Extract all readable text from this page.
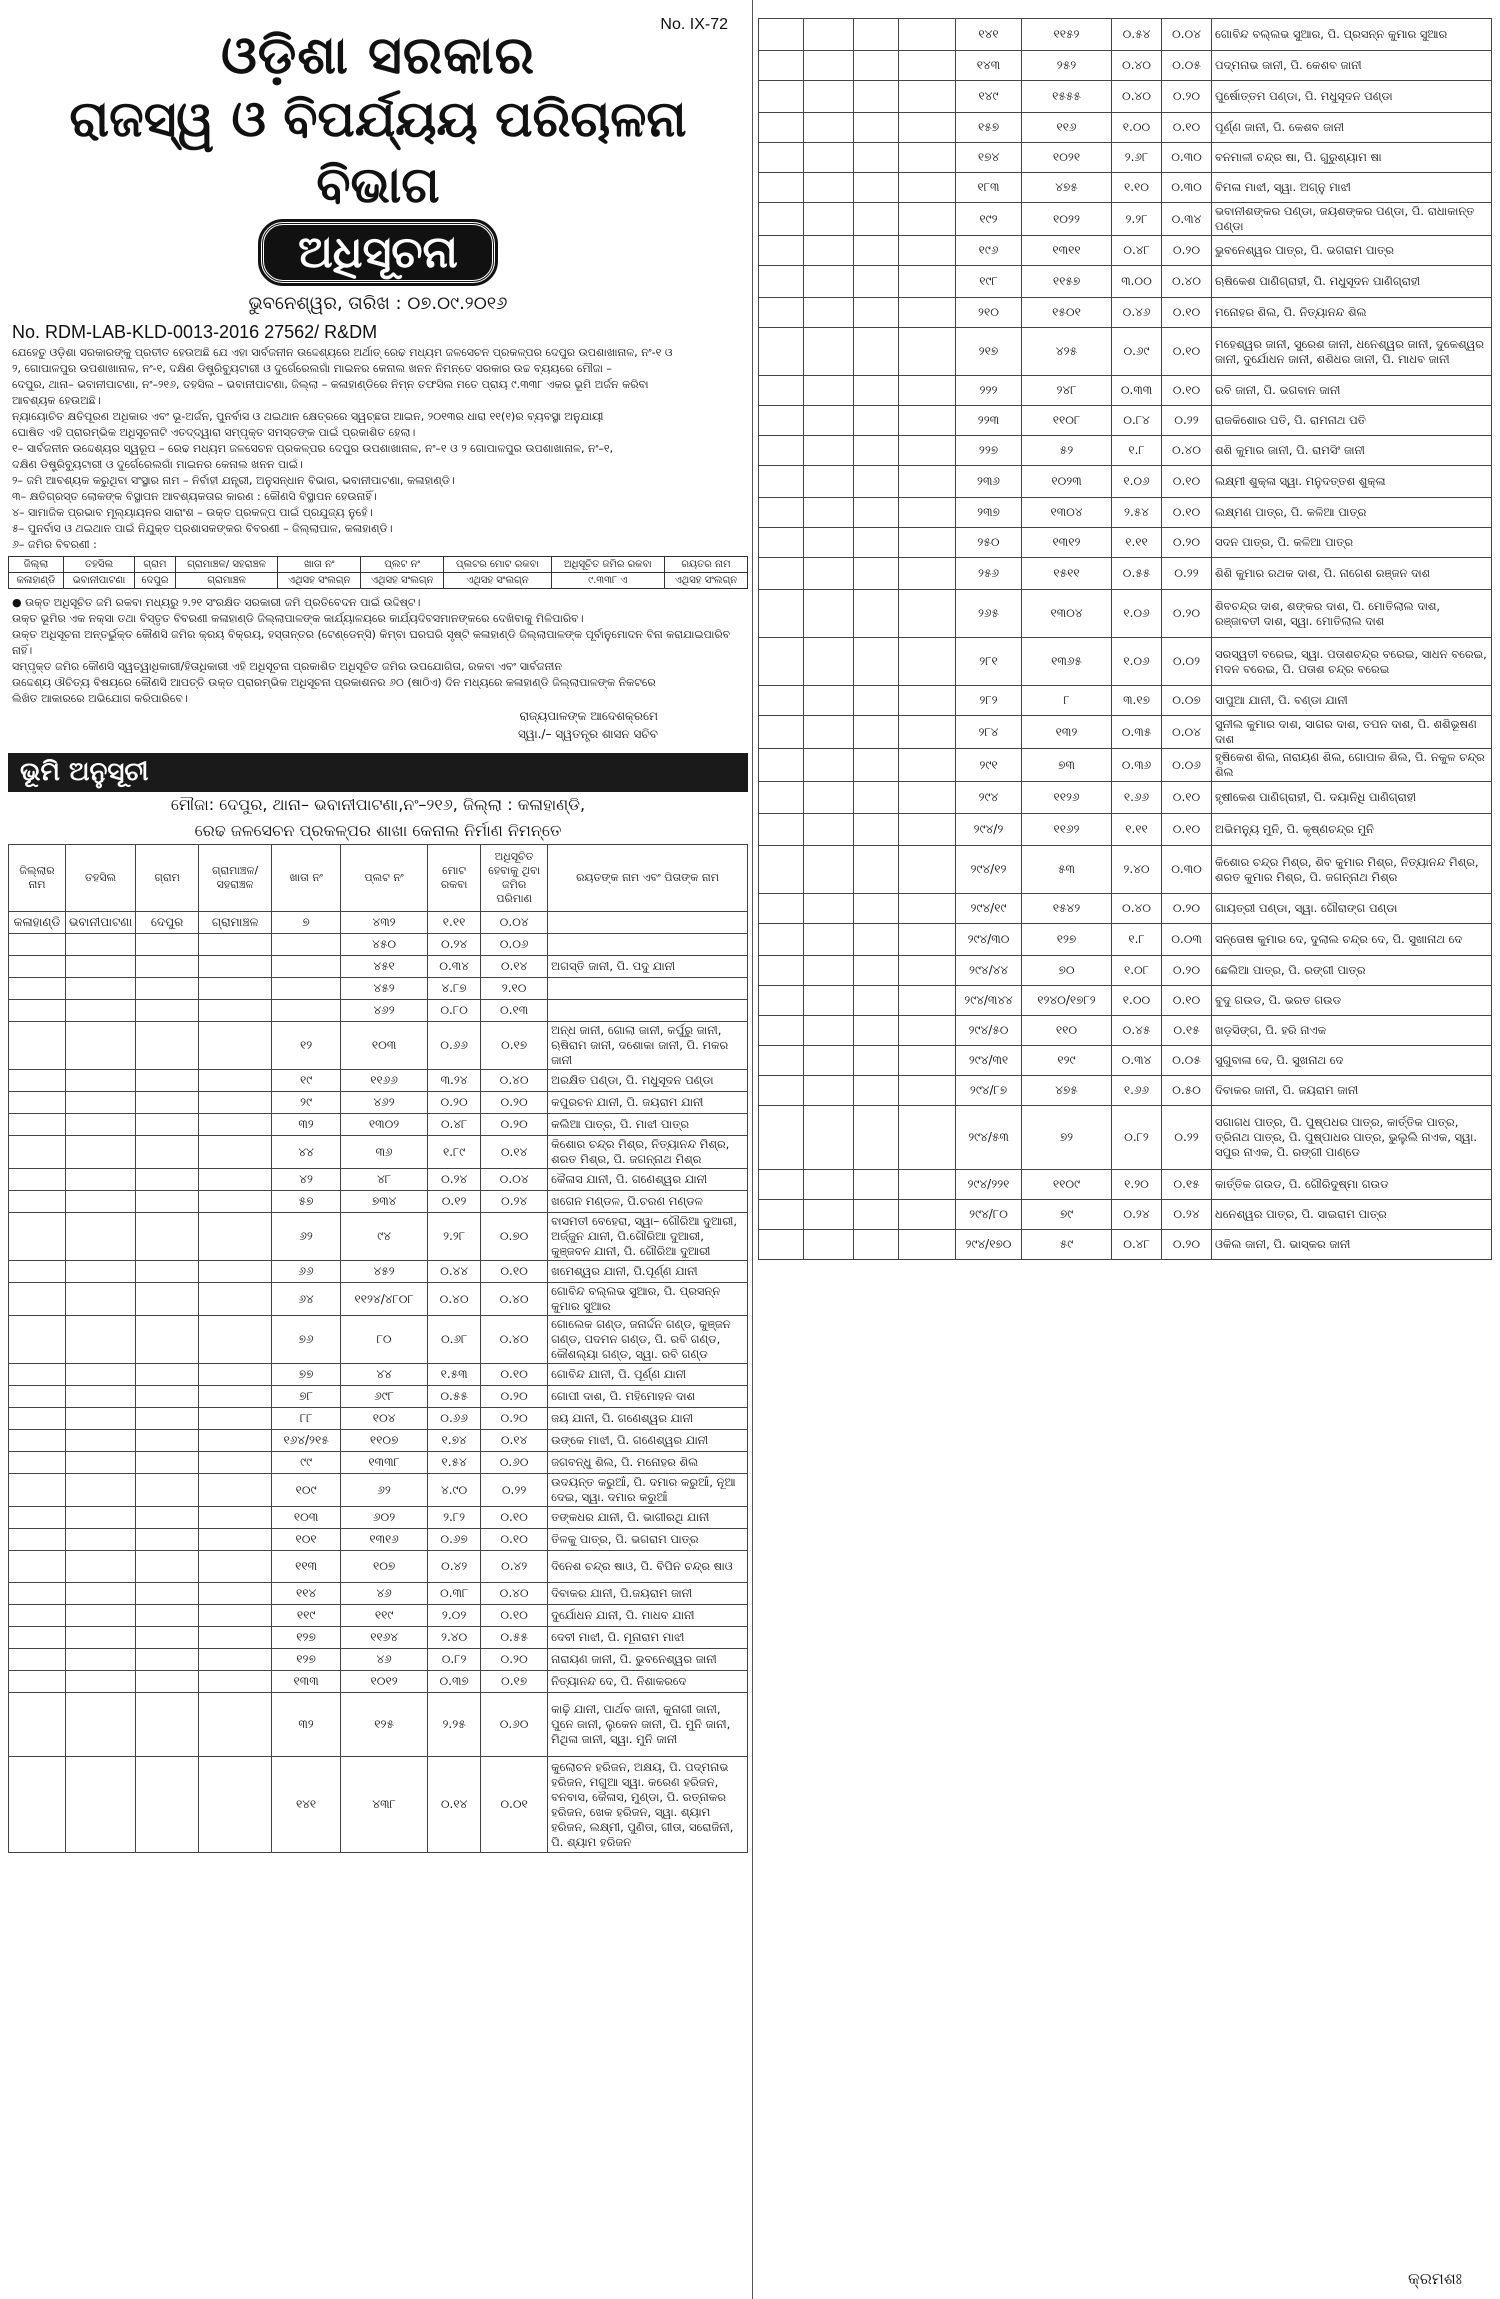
No. IX-72
ଓଡ଼ିଶା ସରକାର
ରାଜସ୍ୱ ଓ ବିପର୍ଯ୍ୟୟ ପରିଚାଳନା ବିଭାଗ
ଅଧିସୂଚନା
ଭୁବନେଶ୍ୱର, ତାରିଖ : ୦୭.୦୯.୨୦୧୬
No. RDM-LAB-KLD-0013-2016 27562/ R&DM
ଯେହେତୁ ଓଡ଼ିଶା ସରକାରଙ୍କୁ ପ୍ରତୀତ ହେଉଅଛି ଯେ ଏହା ସାର୍ବଜନୀନ ଉଦ୍ଦେଶ୍ୟରେ ଅର୍ଥାତ୍ ରେଢ ମଧ୍ୟମ ଜଳସେଚନ ପ୍ରକଳ୍ପର ଦେପୁର ଉପଶାଖାନାଳ, ନଂ-୧ ଓ
୨, ଗୋପାଳପୁର ଉପଶାଖାନାଳ, ନଂ-୧, ଦକ୍ଷିଣ ଡିଷ୍ଟ୍ରିବ୍ୟୁଟାରୀ ଓ ଦୁର୍ଗେରେଲଗାଁ ମାଇନର କେନାଲ ଖନନ ନିମନ୍ତେ ସରକାର ଉଚ୍ଚ ବ୍ୟୟରେ ମୌଜା –
ଦେପୁର, ଥାନା– ଭବାନୀପାଟଣା, ନଂ–୨୧୬, ତହସିଲ – ଭବାନୀପାଟଣା, ଜିଲ୍ଲା – କଳାହାଣ୍ଡିରେ ନିମ୍ନ ତଫସିଲ ମତେ ପ୍ରାୟ ୯.୩୩୮ ଏକର ଭୂମି ଅର୍ଜନ କରିବା
ଆବଶ୍ୟକ ହେଉଅଛି।
ନ୍ୟାୟୋଚିତ କ୍ଷତିପୂରଣ ଅଧିକାର ଏବଂ ଭୂ-ଅର୍ଜନ, ପୁନର୍ବାସ ଓ ଥଇଥାନ କ୍ଷେତ୍ରରେ ସ୍ୱଚ୍ଛତା ଆଇନ, ୨୦୧୩ର ଧାରା ୧୧(୧)ର ବ୍ୟବସ୍ଥା ଅନୁଯାୟୀ
ଘୋଷିତ ଏହି ପ୍ରାରମ୍ଭିକ ଅଧିସୂଚନାଟି ଏତଦ୍‌ଦ୍ୱାରା ସମ୍ପୃକ୍ତ ସମସ୍ତଙ୍କ ପାଇଁ ପ୍ରକାଶିତ ହେଲା।
୧– ସାର୍ବଜନୀନ ଉଦ୍ଦେଶ୍ୟର ସ୍ୱରୂପ – ରେଢ ମଧ୍ୟମ ଜଳସେଚନ ପ୍ରକଳ୍ପର ଦେପୁର ଉପଶାଖାନାଳ, ନଂ–୧ ଓ ୨ ଗୋପାଳପୁର ଉପଶାଖାନାଳ, ନଂ–୧,
ଦକ୍ଷିଣ ଡିଷ୍ଟ୍ରିବ୍ୟୁଟାରୀ ଓ ଦୁର୍ଗେରେଲଗାଁ ମାଇନର କେନାଲ ଖନନ ପାଇଁ।
୨– ଜମି ଆବଶ୍ୟକ କରୁଥିବା ସଂସ୍ଥାର ନାମ – ନିର୍ବାହୀ ଯନ୍ତ୍ରୀ, ଅନୁସନ୍ଧାନ ବିଭାଗ, ଭବାନୀପାଟଣା, କଳାହାଣ୍ଡି।
୩– କ୍ଷତିଗ୍ରସ୍ତ ଲୋକଙ୍କ ବିସ୍ଥାପନ ଆବଶ୍ୟକତାର କାରଣ : କୌଣସି ବିସ୍ଥାପନ ହେଉନାହିଁ।
୪– ସାମାଜିକ ପ୍ରଭାବ ମୂଲ୍ୟାୟନର ସାରାଂଶ – ଉକ୍ତ ପ୍ରକଳ୍ପ ପାଇଁ ପ୍ରଯୁଜ୍ୟ ନୁହେଁ।
୫– ପୁନର୍ବାସ ଓ ଥଇଥାନ ପାଇଁ ନିଯୁକ୍ତ ପ୍ରଶାସକଙ୍କର ବିବରଣୀ – ଜିଲ୍ଲାପାଳ, କଳାହାଣ୍ଡି।
୬– ଜମିର ବିବରଣୀ :
ଜିଲ୍ଲା	ତହସିଲ	ଗ୍ରାମ	ଗ୍ରାମାଞ୍ଚଳ/ ସହରାଞ୍ଚଳ	ଖାତା ନଂ	ପ୍ଲଟ ନଂ	ପ୍ଲଟର ମୋଟ ରକବା	ଅଧିସୂଚିତ ଜମିର ରକବା	ରୟତର ନାମ
କଳାହାଣ୍ଡି	ଭବାନୀପାଟଣା	ଦେପୁର	ଗ୍ରାମାଞ୍ଚଳ	ଏଥିସହ ସଂଲଗ୍ନ	ଏଥିସହ ସଂଲଗ୍ନ	ଏଥିସହ ସଂଲଗ୍ନ	୯.୩୩୮ ଏ	ଏଥିସହ ସଂଲଗ୍ନ
● ଉକ୍ତ ଅଧିସୂଚିତ ଜମି ରକବା ମଧ୍ୟରୁ ୨.୨୧ ସଂରକ୍ଷିତ ସରକାରୀ ଜମି ପ୍ରତିବେଦନ ପାଇଁ ଉଦ୍ଦିଷ୍ଟ।
ଉକ୍ତ ଭୂମିର ଏକ ନକ୍ସା ତଥା ବିସ୍ତୃତ ବିବରଣୀ କଳାହାଣ୍ଡି ଜିଲ୍ଲାପାଳଙ୍କ କାର୍ଯ୍ୟାଳୟରେ କାର୍ଯ୍ୟଦିବସମାନଙ୍କରେ ଦେଖିବାକୁ ମିଳିପାରିବ।
ଉକ୍ତ ଅଧିସୂଚନା ଅନ୍ତର୍ଭୁକ୍ତ କୌଣସି ଜମିର କ୍ରୟ ବିକ୍ରୟ, ହସ୍ତାନ୍ତର (ଟେଣ୍ଡେନ୍‌ସି) କିମ୍ବା ଘରଘରି ସୃଷ୍ଟି କଳାହାଣ୍ଡି ଜିଲ୍ଲାପାଳଙ୍କ ପୂର୍ବାନୁମୋଦନ ବିନା କରାଯାଇପାରିବ
ନାହିଁ।
ସମ୍ପୃକ୍ତ ଜମିର କୌଣସି ସ୍ୱତ୍ୱାଧିକାରୀ/ହିତାଧିକାରୀ ଏହି ଅଧିସୂଚନା ପ୍ରକାଶିତ ଅଧିସୂଚିତ ଜମିର ଉପଯୋଗିତା, ରକବା ଏବଂ ସାର୍ବଜନୀନ
ଉଦ୍ଦେଶ୍ୟ ଔଚିତ୍ୟ ବିଷୟରେ କୌଣସି ଆପତ୍ତି ଉକ୍ତ ପ୍ରାରମ୍ଭିକ ଅଧିସୂଚନା ପ୍ରକାଶନର ୬୦ (ଷାଠିଏ) ଦିନ ମଧ୍ୟରେ କଳାହାଣ୍ଡି ଜିଲ୍ଲାପାଳଙ୍କ ନିକଟରେ
ଲିଖିତ ଆକାରରେ ଅଭିଯୋଗ କରିପାରିବେ।
ରାଜ୍ୟପାଳଙ୍କ ଆଦେଶକ୍ରମେ
ସ୍ୱା./– ସ୍ୱତନ୍ତ୍ର ଶାସନ ସଚିବ
ଭୂମି ଅନୁସୂଚୀ
ମୌଜା: ଦେପୁର, ଥାନା– ଭବାନୀପାଟଣା,ନଂ–୨୧୬, ଜିଲ୍ଲା : କଳାହାଣ୍ଡି,
ରେଢ ଜଳସେଚନ ପ୍ରକଳ୍ପର ଶାଖା କେନାଲ ନିର୍ମାଣ ନିମନ୍ତେ
ଜିଲ୍ଲାର ନାମ	ତହସିଲ	ଗ୍ରାମ	ଗ୍ରାମାଞ୍ଚଳ/ ସହରାଞ୍ଚଳ	ଖାତା ନଂ	ପ୍ଲଟ ନଂ	ମୋଟ ରକବା	ଅଧିସୂଚିତ ହେବାକୁ ଥିବା ଜମିର ପରିମାଣ	ରୟତଙ୍କ ନାମ ଏବଂ ପିତାଙ୍କ ନାମ
କଳାହାଣ୍ଡି	ଭବାନୀପାଟଣା	ଦେପୁର	ଗ୍ରାମାଞ୍ଚଳ	୭	୪୩୨	୧.୧୧	୦.୦୪	
					୪୫୦	୦.୨୪	୦.୦୬	
					୪୫୧	୦.୩୪	୦.୧୪	ଅଗସ୍ତି ଜାନୀ, ପି. ପଦୁ ଯାନୀ
					୪୫୨	୪.୮୭	୨.୧୦	
					୪୬୨	୦.୮୦	୦.୧୩	
				୧୨	୧୦୩	୦.୬୬	୦.୧୭	ଅନ୍ଧ ଜାନୀ, ଗୋଲା ଜାନୀ, କର୍ପୁରୁ ଜାନୀ, ଋଷିରାମ ଜାନୀ, ଦଶୋକା ଜାନୀ, ପି. ମକର ଜାନୀ
				୧୯	୧୧୬୬	୩.୨୪	୦.୪୦	ଅରକ୍ଷିତ ପଣ୍ଡା, ପି. ମଧୁସୂଦନ ପଣ୍ଡା
				୨୯	୪୬୨	୦.୨୦	୦.୨୦	କପୁରଚନ ଯାନୀ, ପି. ଜୟରାମ ଯାନୀ
				୩୨	୧୩୦୨	୦.୪୮	୦.୨୦	କଲିଆ ପାତ୍ର, ପି. ମାଝୀ ପାତ୍ର
				୪୪	୩୬	୧.୮୯	୦.୧୪	କିଶୋର ଚନ୍ଦ୍ର ମିଶ୍ର, ନିତ୍ୟାନନ୍ଦ ମିଶ୍ର, ଶରତ ମିଶ୍ର, ପି. ଜଗନ୍ନାଥ ମିଶ୍ର
				୪୨	୪୮	୦.୨୪	୦.୦୪	କୈଳାସ ଯାନୀ, ପି. ଗଣେଶ୍ୱର ଯାନୀ
				୫୭	୭୩୪	୦.୧୨	୦.୨୪	ଖଗେନ ମଣ୍ଡଳ, ପି.ଚରଣ ମଣ୍ଡଳ
				୬୨	୯୪	୨.୨୮	୦.୭୦	ବାସମତୀ ବେହେରା, ସ୍ୱା– ଗୌରିଆ ଦୁଆରୀ, ଅର୍ଜ୍ଜୁନ ଯାନୀ, ପି.ଗୌରିଆ ଦୁଆରୀ, କୁଞ୍ଜବନ ଯାନୀ, ପି. ଗୌରିଆ ଦୁଆରୀ
				୬୬	୪୫୨	୦.୪୪	୦.୧୦	ଖମେଶ୍ୱର ଯାନୀ, ପି.ପୂର୍ଣ୍ଣ ଯାନୀ
				୬୪	୧୧୨୪/୪୮୦୮	୦.୪୦	୦.୪୦	ଗୋବିନ୍ଦ ବଲ୍ଲଭ ସୁଆର, ପି. ପ୍ରସନ୍ନ କୁମାର ସୁଆର
				୭୬	୮୦	୦.୬୮	୦.୪୦	ଗୋଲେକ ଗଣ୍ଡ, ଜନାର୍ଦ୍ଦନ ଗଣ୍ଡ, କୁଞ୍ଜନ ଗଣ୍ଡ, ପଦମନ ଗଣ୍ଡ, ପି. ରବି ଗଣ୍ଡ, କୌଶଲ୍ୟା ଗଣ୍ଡ, ସ୍ୱା. ରବି ଗଣ୍ଡ
				୭୭	୪୪	୧.୫୩	୦.୧୦	ଗୋବିନ୍ଦ ଯାନୀ, ପି. ପୂର୍ଣ୍ଣ ଯାନୀ
				୭୮	୬୯୮	୦.୫୫	୦.୨୦	ଗୋପୀ ଦାଶ, ପି. ମହିମୋହନ ଦାଶ
				୮୮	୧୦୪	୦.୬୬	୦.୨୦	ଜୟ ଯାନୀ, ପି. ଗଣେଶ୍ୱର ଯାନୀ
				୧୬୪/୨୧୫	୧୧୦୭	୧.୭୪	୦.୧୪	ଉଙ୍କେ ମାଝୀ, ପି. ଗଣେଶ୍ୱର ଯାନୀ
				୯୯	୧୩୩୮	୧.୫୪	୦.୬୦	ଜଗବନ୍ଧୁ ଶିଲ, ପି. ମନୋହର ଶିଲ
				୧୦୯	୬୨	୪.୯୦	୦.୨୨	ଉଦୟନ୍ତ କରୁଆଁ, ପି. ଦମାର କରୁଆଁ, ନୂଆ ଦେଇ, ସ୍ୱା. ଦମାର କରୁଆଁ
				୧୦୩	୬୦୨	୨.୮୨	୦.୧୦	ତଙ୍କଧର ଯାନୀ, ପି. ଭାଗୀରଥି ଯାନୀ
				୧୦୧	୧୩୧୬	୦.୬୭	୦.୧୦	ତିଳକୁ ପାତ୍ର, ପି. ଭଗରାମ ପାତ୍ର
				୧୧୩	୧୦୭	୦.୪୨	୦.୪୨	ଦିନେଶ ଚନ୍ଦ୍ର ଷାଓ, ପି. ବିପିନ ଚନ୍ଦ୍ର ଷାଓ
				୧୧୪	୪୬	୦.୩୮	୦.୪୦	ଦିବାକର ଯାନୀ, ପି.ଜୟରାମ ଜାନୀ
				୧୧୯	୧୧୯	୨.୦୨	୦.୧୦	ଦୁର୍ଯୋଧନ ଯାନୀ, ପି. ମାଧବ ଯାନୀ
				୧୨୭	୧୧୬୪	୨.୪୦	୦.୫୫	ଦେବୀ ମାଝୀ, ପି. ମୂନାରାମ ମାଝୀ
				୧୨୭	୪୬	୦.୮୨	୦.୨୦	ନାରାୟଣ ଜାନୀ, ପି. ଭୁବନେଶ୍ୱର ଜାନୀ
				୧୩୩	୧୦୧୨	୦.୩୭	୦.୧୭	ନିତ୍ୟାନନ୍ଦ ଦେ, ପି. ନିଶାକରଦେ
				୩୨	୧୨୫	୨.୨୫	୦.୬୦	କାଢ଼ି ଯାନୀ, ପାର୍ଥବ ଜାନୀ, କୁନାଗୀ ଜାନୀ, ପୁନେ ଜାନୀ, ଲୁକେନ ଜାନୀ, ପି. ମୁନି ଜାନୀ, ମିଥିଳା ଜାନୀ, ସ୍ୱା. ମୁନି ଜାନୀ
				୧୪୧	୪୩୮	୦.୧୪	୦.୦୧	କୁଲୋଚନ ହରିଜନ, ଅକ୍ଷୟ, ପି. ପଦ୍ମନାଭ ହରିଜନ, ମଗୁଆ ସ୍ୱା. କରେଣ ହରିଜନ, ବନବାସ, କୈଳାସ, ମୁଣ୍ଡା, ପି. ରତ୍ନାକର ହରିଜନ, ଖେକ ହରିଜନ, ସ୍ୱା. ଶ୍ୟାମ ହରିଜନ, ଲକ୍ଷ୍ମୀ, ପୁଣିତା, ଗୀତା, ସରୋଜିନୀ, ପି. ଶ୍ୟାମ ହରିଜନ
				୧୪୧	୧୧୫୨	୦.୫୪	୦.୦୪	ଗୋବିନ୍ଦ ବଲ୍ଲଭ ସୁଆର, ପି. ପ୍ରସନ୍ନ କୁମାର ସୁଆର
				୧୪୩	୨୫୨	୦.୪୦	୦.୦୫	ପଦ୍ମନାଭ ଜାନୀ, ପି. କେଶବ ଜାନୀ
				୧୪୯	୧୫୫୫	୦.୪୦	୦.୨୦	ପୁର୍ଷୋତ୍ତମ ପଣ୍ଡା, ପି. ମଧୁସୂଦନ ପଣ୍ଡା
				୧୫୭	୧୧୬	୧.୦୦	୦.୧୦	ପୂର୍ଣ୍ଣ ଜାନୀ, ପି. କେଶବ ଜାନୀ
				୧୭୪	୧୦୨୧	୨.୬୮	୦.୩୦	ବନମାଳୀ ଚନ୍ଦ୍ର ଷା, ପି. ଗୁରୁଶ୍ୟାମ ଷା
				୧୮୩	୪୭୫	୧.୧୦	୦.୩୦	ବିମଳା ମାଝୀ, ସ୍ୱା. ଅଗ୍ନୁ ମାଝୀ
				୧୯୨	୧୦୨୨	୨.୨୮	୦.୩୪	ଭବାନୀଶଙ୍କର ପଣ୍ଡା, ଜୟଶଙ୍କର ପଣ୍ଡା, ପି. ରାଧାକାନ୍ତ ପଣ୍ଡା
				୧୯୬	୧୩୧୧	୦.୪୮	୦.୨୦	ଭୁବନେଶ୍ୱର ପାତ୍ର, ପି. ଭଗରାମ ପାତ୍ର
				୧୯୮	୧୧୫୭	୩.୦୦	୦.୪୦	ଋଷିକେଶ ପାଣିଗ୍ରାହୀ, ପି. ମଧୁସୂଦନ ପାଣିଗ୍ରାହୀ
				୨୧୦	୧୫୦୧	୦.୪୬	୦.୧୦	ମନୋହର ଶିଲ, ପି. ନିତ୍ୟାନନ୍ଦ ଶିଲ
				୨୧୭	୪୨୫	୦.୬୯	୦.୧୦	ମହେଶ୍ୱର ଜାନୀ, ସୁରେଶ ଜାନୀ, ଧନେଶ୍ୱର ଜାନୀ, ଦୁକେଶ୍ୱର ଜାନୀ, ଦୁର୍ଯୋଧନ ଜାନୀ, ଶଶିଧର ଜାନୀ, ପି. ମାଧବ ଜାନୀ
				୨୨୨	୨୪୮	୦.୩୩	୦.୧୦	ରବି ଜାନୀ, ପି. ଭଗବାନ ଜାନୀ
				୨୨୩	୧୧୦୮	୦.୮୪	୦.୨୨	ରାଜକିଶୋର ପତି, ପି. ରାମନାଥ ପତି
				୨୨୭	୫୨	୧.୮	୦.୪୦	ଶଶି କୁମାର ଜାନୀ, ପି. ରାମସିଂ ଜାନୀ
				୨୩୬	୧୦୨୩	୧.୦୬	୦.୧୦	ଲକ୍ଷ୍ମୀ ଶୁକ୍ଳା ସ୍ୱା. ମନୁଦତ୍ତଶ ଶୁକ୍ଳା
				୨୩୭	୧୩୦୪	୨.୫୪	୦.୧୦	ଲକ୍ଷ୍ମଣ ପାତ୍ର, ପି. କଳିଆ ପାତ୍ର
				୨୫୦	୧୩୧୨	୧.୧୧	୦.୨୦	ସଦନ ପାତ୍ର, ପି. କଳିଆ ପାତ୍ର
				୨୫୬	୧୫୧୧	୦.୫୫	୦.୨୨	ଶିଶି କୁମାର ରଥକ ଦାଶ, ପି. ନାଗେଶ ରଞ୍ଜନ ଦାଶ
				୨୬୫	୧୩୦୪	୧.୦୬	୦.୨୦	ଶିବଚନ୍ଦ୍ର ଦାଶ, ଶଙ୍କର ଦାଶ, ପି. ମୋତିଲାଲ ଦାଶ, ରଞ୍ଜାବତୀ ଦାଶ, ସ୍ୱା. ମୋତିଲାଲ ଦାଶ
				୨୮୧	୧୩୬୫	୧.୦୬	୦.୦୨	ସରସ୍ୱତୀ ବରେଇ, ସ୍ୱା. ପତାଶଚନ୍ଦ୍ର ବରେଇ, ସାଧନ ବରେଇ, ମଦନ ବରେଇ, ପି. ପତାଶ ଚନ୍ଦ୍ର ବରେଇ
				୨୮୨	୮	୩.୧୭	୦.୦୭	ସାପୁଆ ଯାନୀ, ପି. ବଣ୍ଡା ଯାନୀ
				୨୮୪	୧୩୨	୦.୩୫	୦.୦୪	ସୁନୀଲ କୁମାର ଦାଶ, ସାଗର ଦାଶ, ତପନ ଦାଶ, ପି. ଶଶିଭୂଷଣ ଦାଶ
				୨୯୧	୭୩	୦.୩୬	୦.୦୬	ହୃଷିକେଶ ଶିଲ, ନାରାୟଣ ଶିଲ, ଗୋପାଳ ଶିଲ, ପି. ନକୁଳ ଚନ୍ଦ୍ର ଶିଲ
				୨୯୪	୧୧୨୬	୧.୬୬	୦.୧୦	ହୃଷୀକେଶ ପାଣିଗ୍ରାହୀ, ପି. ଦୟାନିଧି ପାଣିଗ୍ରାହୀ
				୨୯୪/୨	୧୧୬୨	୧.୧୧	୦.୧୦	ଅଭିମନ୍ୟୁ ମୁନି, ପି. କୃଷ୍ଣଚନ୍ଦ୍ର ମୁନି
				୨୯୪/୧୨	୫୩	୨.୪୦	୦.୩୦	କିଶୋର ଚନ୍ଦ୍ର ମିଶ୍ର, ଶିବ କୁମାର ମିଶ୍ର, ନିତ୍ୟାନନ୍ଦ ମିଶ୍ର, ଶରତ କୁମାର ମିଶ୍ର, ପି. ଜଗନ୍ନାଥ ମିଶ୍ର
				୨୯୪/୧୯	୧୫୪୨	୦.୪୦	୦.୨୦	ଗାୟତ୍ରୀ ପଣ୍ଡା, ସ୍ୱା. ଗୌରାଙ୍ଗ ପଣ୍ଡା
				୨୯୪/୩୦	୧୨୭	୧.୮	୦.୦୩	ସନ୍ତୋଷ କୁମାର ଦେ, ଦୁଲାଲ ଚନ୍ଦ୍ର ଦେ, ପି. ସୁଖାନାଥ ଦେ
				୨୯୪/୪୪	୭୦	୧.୦୮	୦.୨୦	ଛେଲିଆ ପାତ୍ର, ପି. ରଙ୍ଗୀ ପାତ୍ର
				୨୯୪/୩୪୪	୧୨୪୦/୧୭୮୨	୧.୦୦	୦.୧୦	ବୁଦୁ ଗଉଡ, ପି. ଭରତ ଗଉଡ
				୨୯୪/୫୦	୧୧୦	୦.୪୫	୦.୧୫	ଖଡ଼ସିଙ୍ଗ, ପି. ହରି ନାଏକ
				୨୯୪/୩୧	୧୨୯	୦.୩୪	୦.୦୫	ସୁଗୁବାଳା ଦେ, ପି. ସୁଖନାଥ ଦେ
				୨୯୪/୮୭	୪୭୫	୧.୬୬	୦.୫୦	ଦିବାକର ଜାନୀ, ପି. ଜୟରାମ ଜାନୀ
				୨୯୪/୫୩	୭୨	୦.୮୨	୦.୨୨	ସଗାଗଧ ପାତ୍ର, ପି. ପୁଷ୍ପଧର ପାତ୍ର, କାର୍ତ୍ତିକ ପାତ୍ର, ତ୍ରିନାଥ ପାତ୍ର, ପି. ପୁଷ୍ପାଧର ପାତ୍ର, ଭୁଲୁଲି ନାଏକ, ସ୍ୱା. ସପୁର ନାଏକ, ପି. ରଙ୍ଗୀ ପାଣ୍ଡେ
				୨୯୪/୨୨୧	୧୧୦୯	୧.୨୦	୦.୧୫	କାର୍ତ୍ତିକ ଗଉଡ, ପି. ଗୌରିଦୁଷ୍ମା ଗଉଡ
				୨୯୪/୮୦	୭୯	୦.୨୪	୦.୨୪	ଧନେଶ୍ୱର ପାତ୍ର, ପି. ସାଇରାମ ପାତ୍ର
				୨୯୪/୧୭୦	୫୯	୦.୪୮	୦.୨୦	ଓକିଲ ଜାନୀ, ପି. ଭାସ୍କର ଜାନୀ
କ୍ରମଶଃ
